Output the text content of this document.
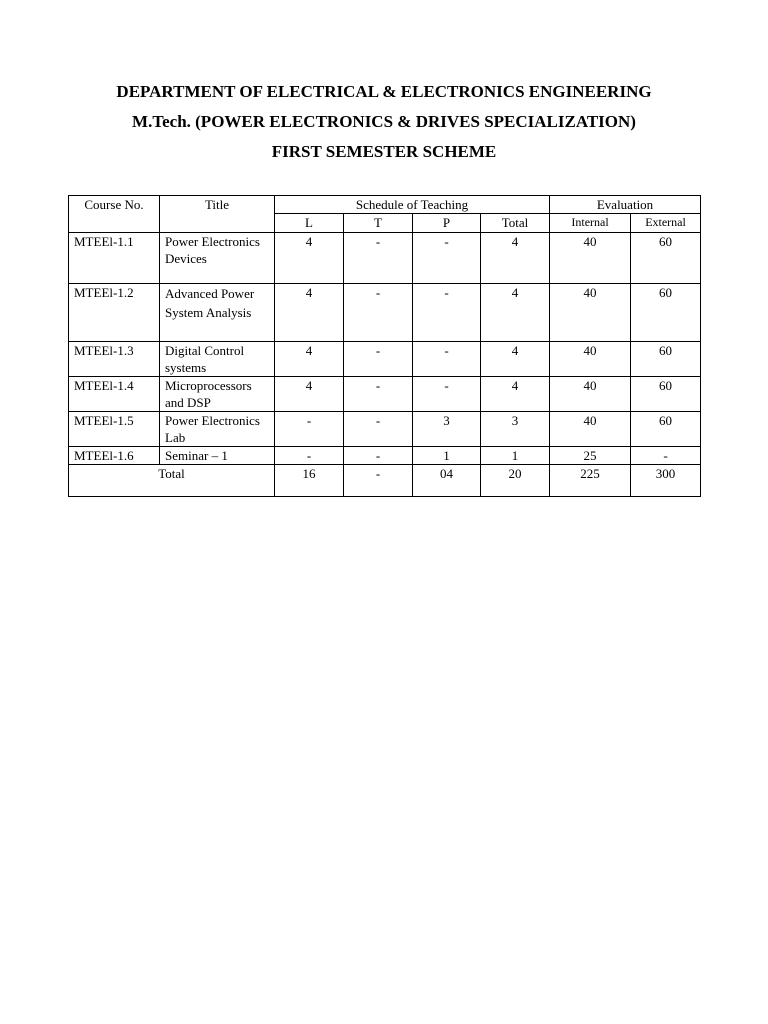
DEPARTMENT OF ELECTRICAL & ELECTRONICS ENGINEERING
M.Tech. (POWER ELECTRONICS & DRIVES SPECIALIZATION)
FIRST SEMESTER SCHEME
Course No.	Title	Schedule of Teaching				Evaluation	
		L	T	P	Total	Internal	External
MTEEl-1.1	Power Electronics Devices	4	-	-	4	40	60
MTEEl-1.2	Advanced Power System Analysis	4	-	-	4	40	60
MTEEl-1.3	Digital Control systems	4	-	-	4	40	60
MTEEl-1.4	Microprocessors and DSP	4	-	-	4	40	60
MTEEl-1.5	Power Electronics Lab	-	-	3	3	40	60
MTEEl-1.6	Seminar – 1	-	-	1	1	25	-
Total		16	-	04	20	225	300
